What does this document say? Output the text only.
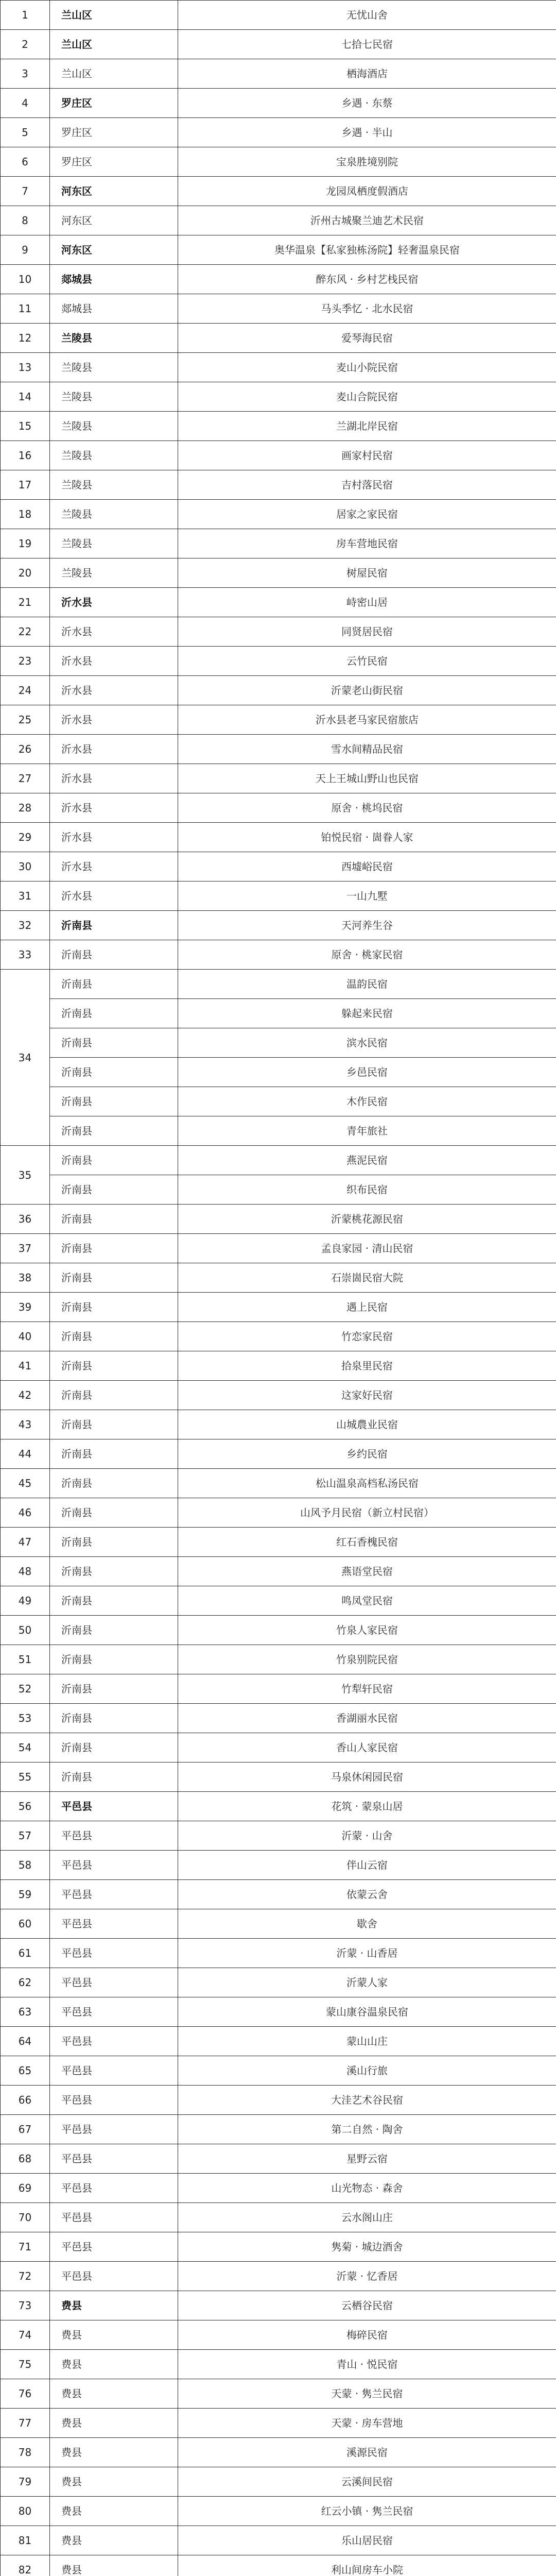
1	兰山区	无忧山舍
2	兰山区	七拾七民宿
3	兰山区	栖海酒店
4	罗庄区	乡遇 · 东蔡
5	罗庄区	乡遇 · 半山
6	罗庄区	宝泉胜境别院
7	河东区	龙园凤栖度假酒店
8	河东区	沂州古城聚兰迪艺术民宿
9	河东区	奥华温泉【私家独栋汤院】轻奢温泉民宿
10	郯城县	醉东风 · 乡村艺栈民宿
11	郯城县	马头季忆 · 北水民宿
12	兰陵县	爱琴海民宿
13	兰陵县	麦山小院民宿
14	兰陵县	麦山合院民宿
15	兰陵县	兰湖北岸民宿
16	兰陵县	画家村民宿
17	兰陵县	吉村落民宿
18	兰陵县	居家之家民宿
19	兰陵县	房车营地民宿
20	兰陵县	树屋民宿
21	沂水县	峙密山居
22	沂水县	同贤居民宿
23	沂水县	云竹民宿
24	沂水县	沂蒙老山街民宿
25	沂水县	沂水县老马家民宿旅店
26	沂水县	雪水间精品民宿
27	沂水县	天上王城山野山也民宿
28	沂水县	原舍 · 桃坞民宿
29	沂水县	铂悦民宿 · 崮眷人家
30	沂水县	西墟峪民宿
31	沂水县	一山九墅
32	沂南县	天河养生谷
33	沂南县	原舍 · 桃家民宿
34	沂南县	温韵民宿
	沂南县	躲起来民宿
	沂南县	滨水民宿
	沂南县	乡邑民宿
	沂南县	木作民宿
	沂南县	青年旅社
35	沂南县	燕泥民宿
	沂南县	织布民宿
36	沂南县	沂蒙桃花源民宿
37	沂南县	孟良家园 · 清山民宿
38	沂南县	石崇崮民宿大院
39	沂南县	遇上民宿
40	沂南县	竹恋家民宿
41	沂南县	拾泉里民宿
42	沂南县	这家好民宿
43	沂南县	山城農业民宿
44	沂南县	乡约民宿
45	沂南县	松山温泉高档私汤民宿
46	沂南县	山风予月民宿（新立村民宿）
47	沂南县	红石香槐民宿
48	沂南县	燕语堂民宿
49	沂南县	鸣凤堂民宿
50	沂南县	竹泉人家民宿
51	沂南县	竹泉别院民宿
52	沂南县	竹犁轩民宿
53	沂南县	香湖丽水民宿
54	沂南县	香山人家民宿
55	沂南县	马泉休闲园民宿
56	平邑县	花筑 · 蒙泉山居
57	平邑县	沂蒙 · 山舍
58	平邑县	伴山云宿
59	平邑县	依蒙云舍
60	平邑县	歇舍
61	平邑县	沂蒙 · 山香居
62	平邑县	沂蒙人家
63	平邑县	蒙山康谷温泉民宿
64	平邑县	蒙山山庄
65	平邑县	溪山行旅
66	平邑县	大洼艺术谷民宿
67	平邑县	第二自然 · 陶舍
68	平邑县	星野云宿
69	平邑县	山光物态 · 森舍
70	平邑县	云水阁山庄
71	平邑县	隽菊 · 城边酒舍
72	平邑县	沂蒙 · 忆香居
73	费县	云栖谷民宿
74	费县	梅碎民宿
75	费县	青山 · 悦民宿
76	费县	天蒙 · 隽兰民宿
77	费县	天蒙 · 房车营地
78	费县	溪源民宿
79	费县	云溪间民宿
80	费县	红云小镇 · 隽兰民宿
81	费县	乐山居民宿
82	费县	利山间房车小院
